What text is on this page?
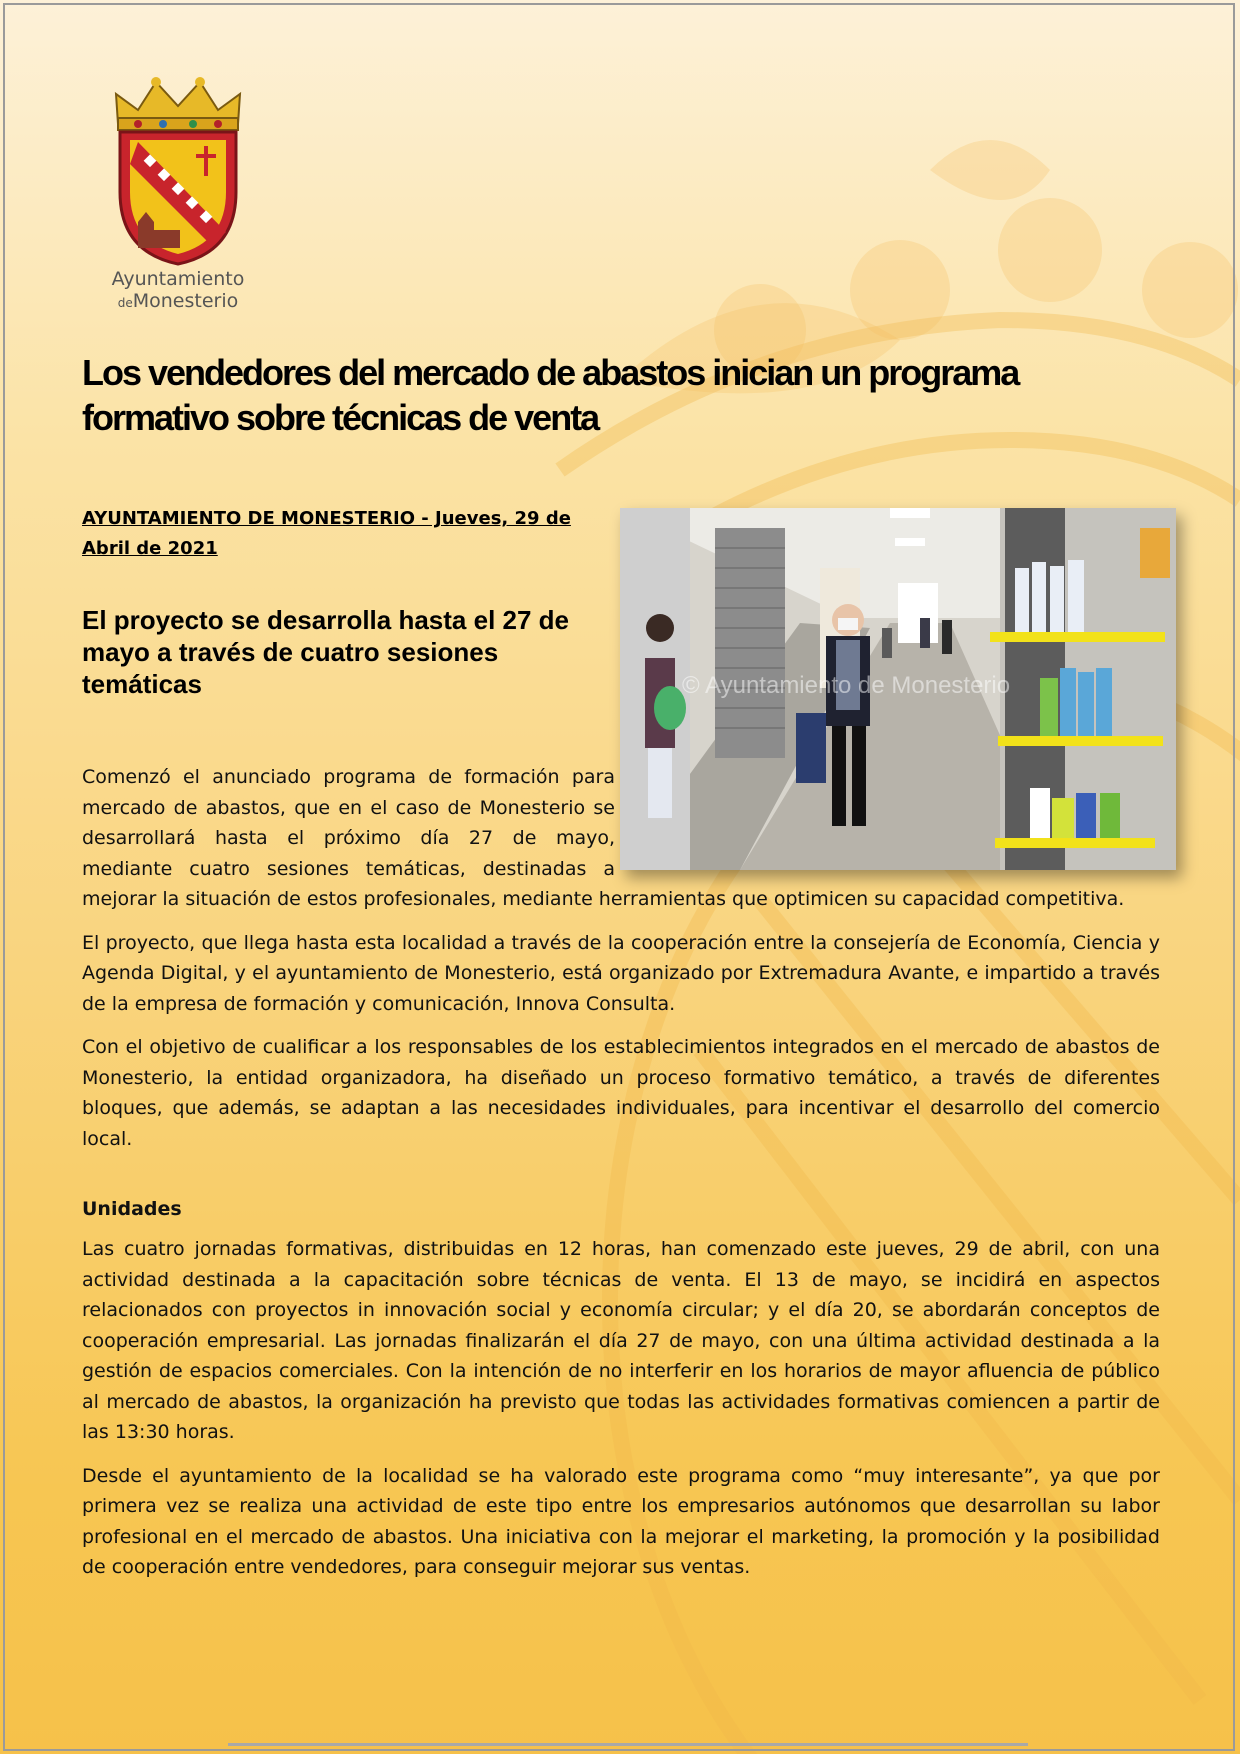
Ayuntamiento
deMonesterio
Los vendedores del mercado de abastos inician un programa formativo sobre técnicas de venta

AYUNTAMIENTO DE MONESTERIO - Jueves, 29 de Abril de 2021

El proyecto se desarrolla hasta el 27 de mayo a través de cuatro sesiones temáticas	© Ayuntamiento de Monesterio

Comenzó el anunciado programa de formación para mercado de abastos, que en el caso de Monesterio se desarrollará hasta el próximo día 27 de mayo, mediante cuatro sesiones temáticas, destinadas a mejorar la situación de estos profesionales, mediante herramientas que optimicen su capacidad competitiva.

El proyecto, que llega hasta esta localidad a través de la cooperación entre la consejería de Economía, Ciencia y Agenda Digital, y el ayuntamiento de Monesterio, está organizado por Extremadura Avante, e impartido a través de la empresa de formación y comunicación, Innova Consulta.

Con el objetivo de cualificar a los responsables de los establecimientos integrados en el mercado de abastos de Monesterio, la entidad organizadora, ha diseñado un proceso formativo temático, a través de diferentes bloques, que además, se adaptan a las necesidades individuales, para incentivar el desarrollo del comercio local.

Unidades

Las cuatro jornadas formativas, distribuidas en 12 horas, han comenzado este jueves, 29 de abril, con una actividad destinada a la capacitación sobre técnicas de venta. El 13 de mayo, se incidirá en aspectos relacionados con proyectos in innovación social y economía circular; y el día 20, se abordarán conceptos de cooperación empresarial. Las jornadas finalizarán el día 27 de mayo, con una última actividad destinada a la gestión de espacios comerciales. Con la intención de no interferir en los horarios de mayor afluencia de público al mercado de abastos, la organización ha previsto que todas las actividades formativas comiencen a partir de las 13:30 horas.

Desde el ayuntamiento de la localidad se ha valorado este programa como “muy interesante”, ya que por primera vez se realiza una actividad de este tipo entre los empresarios autónomos que desarrollan su labor profesional en el mercado de abastos. Una iniciativa con la mejorar el marketing, la promoción y la posibilidad de cooperación entre vendedores, para conseguir mejorar sus ventas.
